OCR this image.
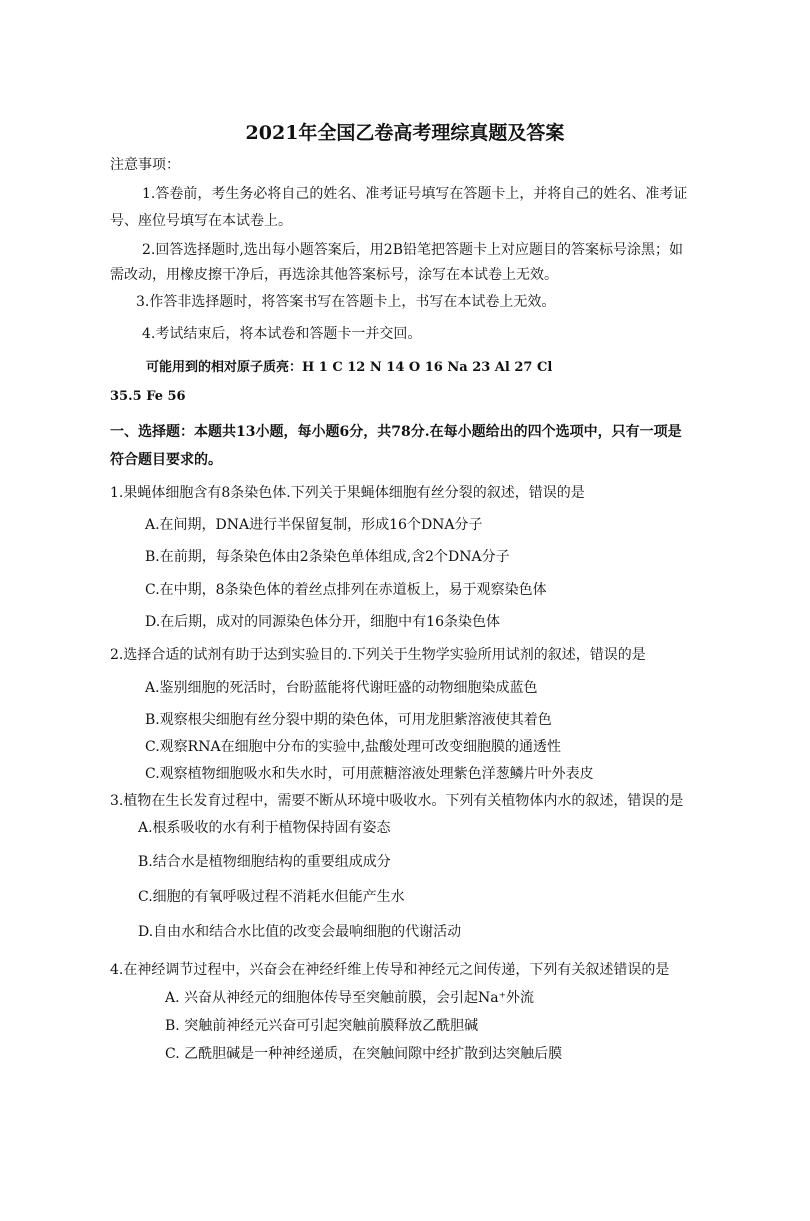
2021年全国乙卷高考理综真题及答案
注意事项：
1.答卷前，考生务必将自己的姓名、准考证号填写在答题卡上，并将自己的姓名、准考证
号、座位号填写在本试卷上。
2.回答选择题时,选出每小题答案后，用2B铅笔把答题卡上对应题目的答案标号涂黑；如
需改动，用橡皮擦干净后，再选涂其他答案标号，涂写在本试卷上无效。
3.作答非选择题时，将答案书写在答题卡上，书写在本试卷上无效。
4.考试结束后，将本试卷和答题卡一并交回。
可能用到的相对原子质亮：H 1 C 12 N 14 O 16 Na 23 Al 27 Cl
35.5 Fe 56
一、选择题：本题共13小题，每小题6分，共78分.在每小题给出的四个选项中，只有一项是
符合题目要求的。
1.果蝇体细胞含有8条染色体.下列关于果蝇体细胞有丝分裂的叙述，错误的是
A.在间期，DNA进行半保留复制，形成16个DNA分子
B.在前期，每条染色体由2条染色单体组成,含2个DNA分子
C.在中期，8条染色体的着丝点排列在赤道板上，易于观察染色体
D.在后期，成对的同源染色体分开，细胞中有16条染色体
2.选择合适的试剂有助于达到实验目的.下列关于生物学实验所用试剂的叙述，错误的是
A.鉴别细胞的死活时，台盼蓝能将代谢旺盛的动物细胞染成蓝色
B.观察根尖细胞有丝分裂中期的染色体，可用龙胆紫溶液使其着色
C.观察RNA在细胞中分布的实验中,盐酸处理可改变细胞膜的通透性
C.观察植物细胞吸水和失水时，可用蔗糖溶液处理紫色洋葱鳞片叶外表皮
3.植物在生长发育过程中，需要不断从环境中吸收水。下列有关植物体内水的叙述，错误的是
A.根系吸收的水有利于植物保持固有姿态
B.结合水是植物细胞结构的重要组成成分
C.细胞的有氧呼吸过程不消耗水但能产生水
D.自由水和结合水比值的改变会最响细胞的代谢活动
4.在神经调节过程中，兴奋会在神经纤维上传导和神经元之间传递，下列有关叙述错误的是
A. 兴奋从神经元的细胞体传导至突触前膜，会引起Na⁺外流
B. 突触前神经元兴奋可引起突触前膜释放乙酰胆碱
C. 乙酰胆碱是一种神经递质，在突触间隙中经扩散到达突触后膜
